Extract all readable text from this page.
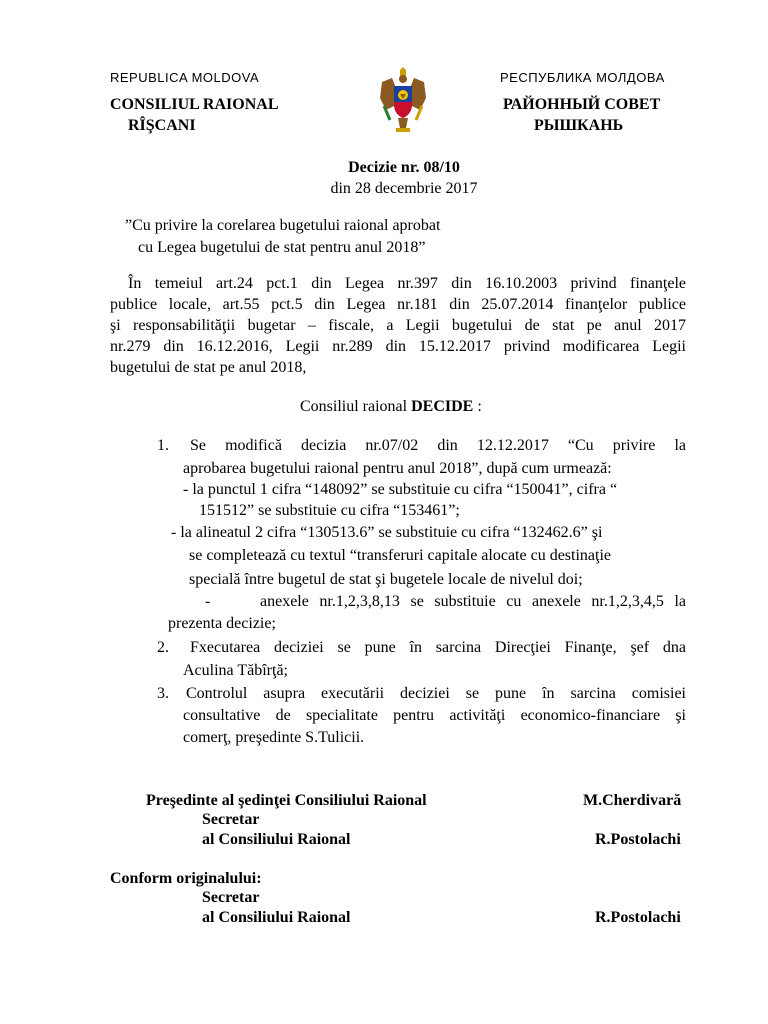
REPUBLICA MOLDOVA
CONSILIUL RAIONAL
RÎŞCANI
РЕСПУБЛИКА МОЛДОВА
РАЙОННЫЙ СОВЕТ
РЫШКАНЬ
Decizie nr. 08/10
din 28 decembrie 2017
”Cu privire la corelarea bugetului raional aprobat
cu Legea bugetului de stat pentru anul 2018”
În temeiul art.24 pct.1 din Legea nr.397 din 16.10.2003 privind finanţele
publice locale, art.55 pct.5 din Legea nr.181 din 25.07.2014 finanţelor publice
şi responsabilităţii bugetar – fiscale, a Legii bugetului de stat pe anul 2017
nr.279 din 16.12.2016, Legii nr.289 din 15.12.2017 privind modificarea Legii
bugetului de stat pe anul 2018,
Consiliul raional DECIDE :
1. Se modifică decizia nr.07/02 din 12.12.2017 “Cu privire la
aprobarea bugetului raional pentru anul 2018”, după cum urmează:
- la punctul 1 cifra “148092” se substituie cu cifra “150041”, cifra “
151512” se substituie cu cifra “153461”;
- la alineatul 2 cifra “130513.6” se substituie cu cifra “132462.6” şi
se completează cu textul “transferuri capitale alocate cu destinaţie
specială între bugetul de stat şi bugetele locale de nivelul doi;
-	anexele nr.1,2,3,8,13 se substituie cu anexele nr.1,2,3,4,5 la
prezenta decizie;
2. Fxecutarea deciziei se pune în sarcina Direcţiei Finanţe, şef dna
Aculina Tăbîrţă;
3. Controlul asupra executării deciziei se pune în sarcina comisiei
consultative de specialitate pentru activităţi economico-financiare şi
comerţ, preşedinte S.Tulicii.
Preşedinte al şedinţei Consiliului Raional	M.Cherdivară
Secretar
al Consiliului Raional	R.Postolachi
Conform originalului:
Secretar
al Consiliului Raional	R.Postolachi
